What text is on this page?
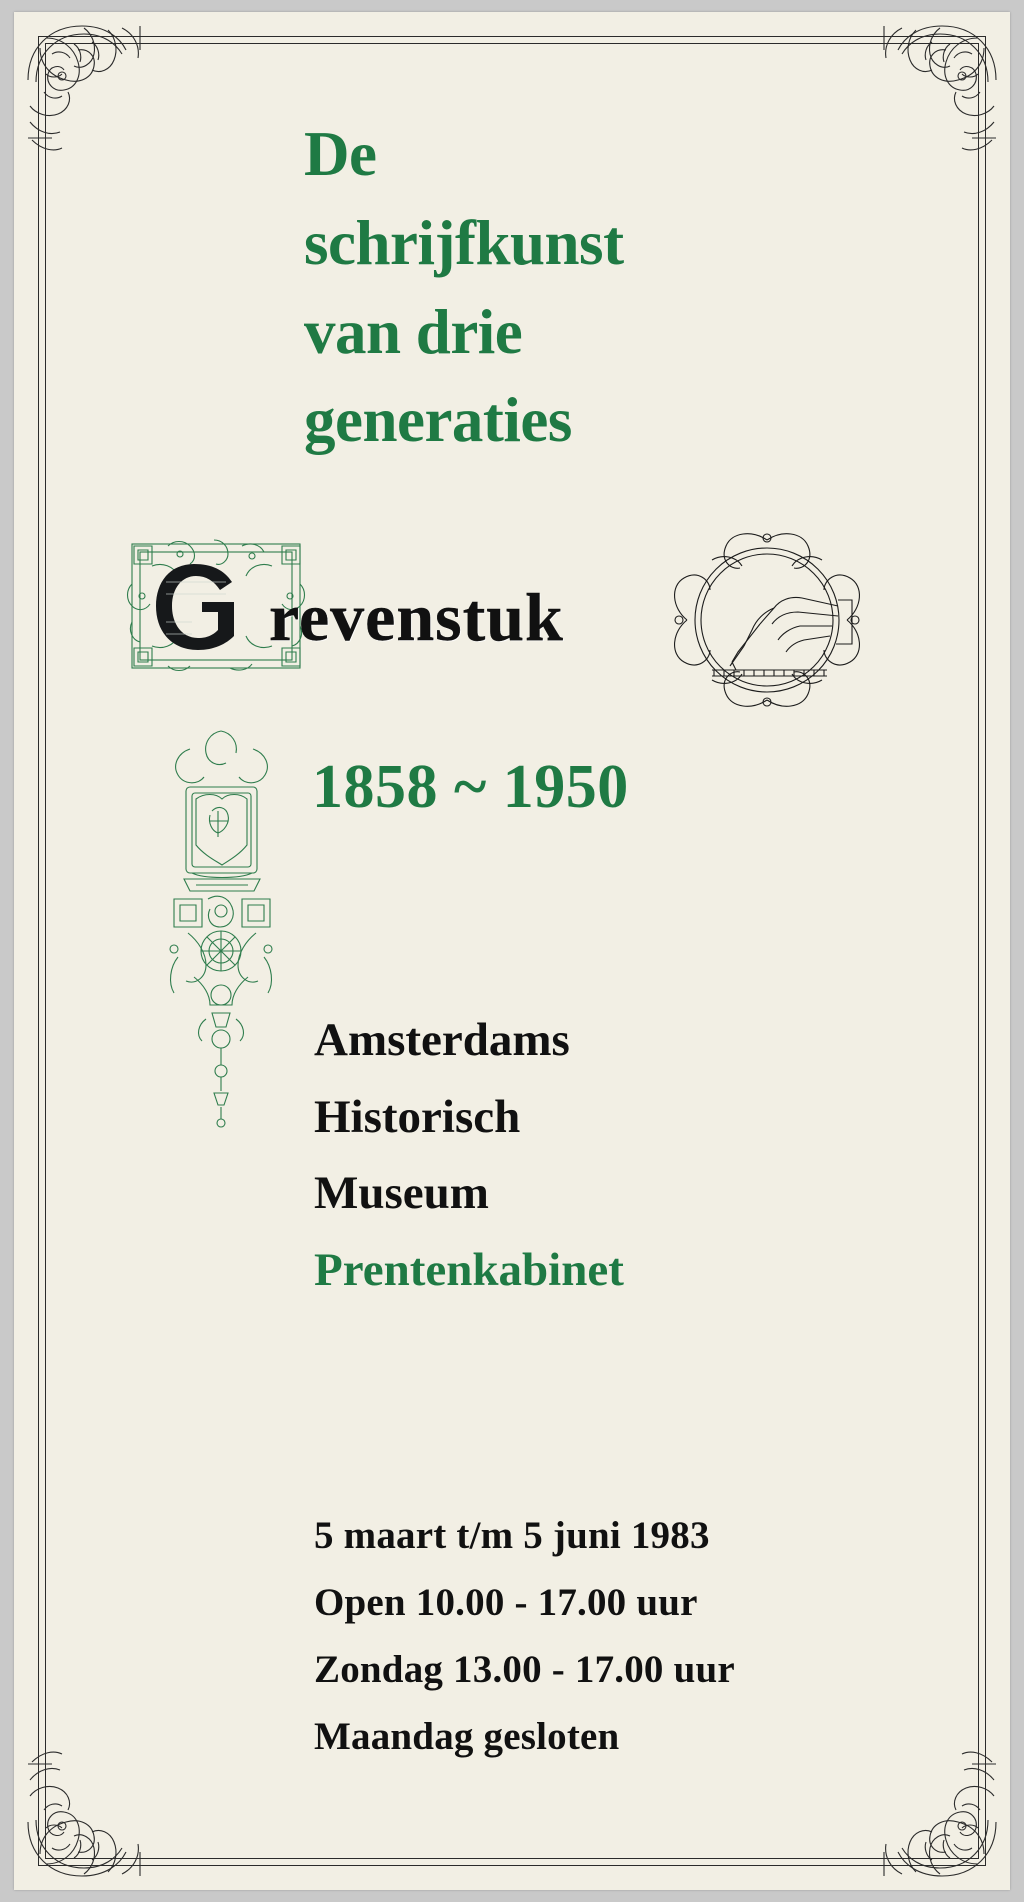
De
schrijfkunst
van drie
generaties
revenstuk
1858 ~ 1950
Amsterdams
Historisch
Museum
Prentenkabinet
5 maart t/m 5 juni 1983
Open 10.00 - 17.00 uur
Zondag 13.00 - 17.00 uur
Maandag gesloten
